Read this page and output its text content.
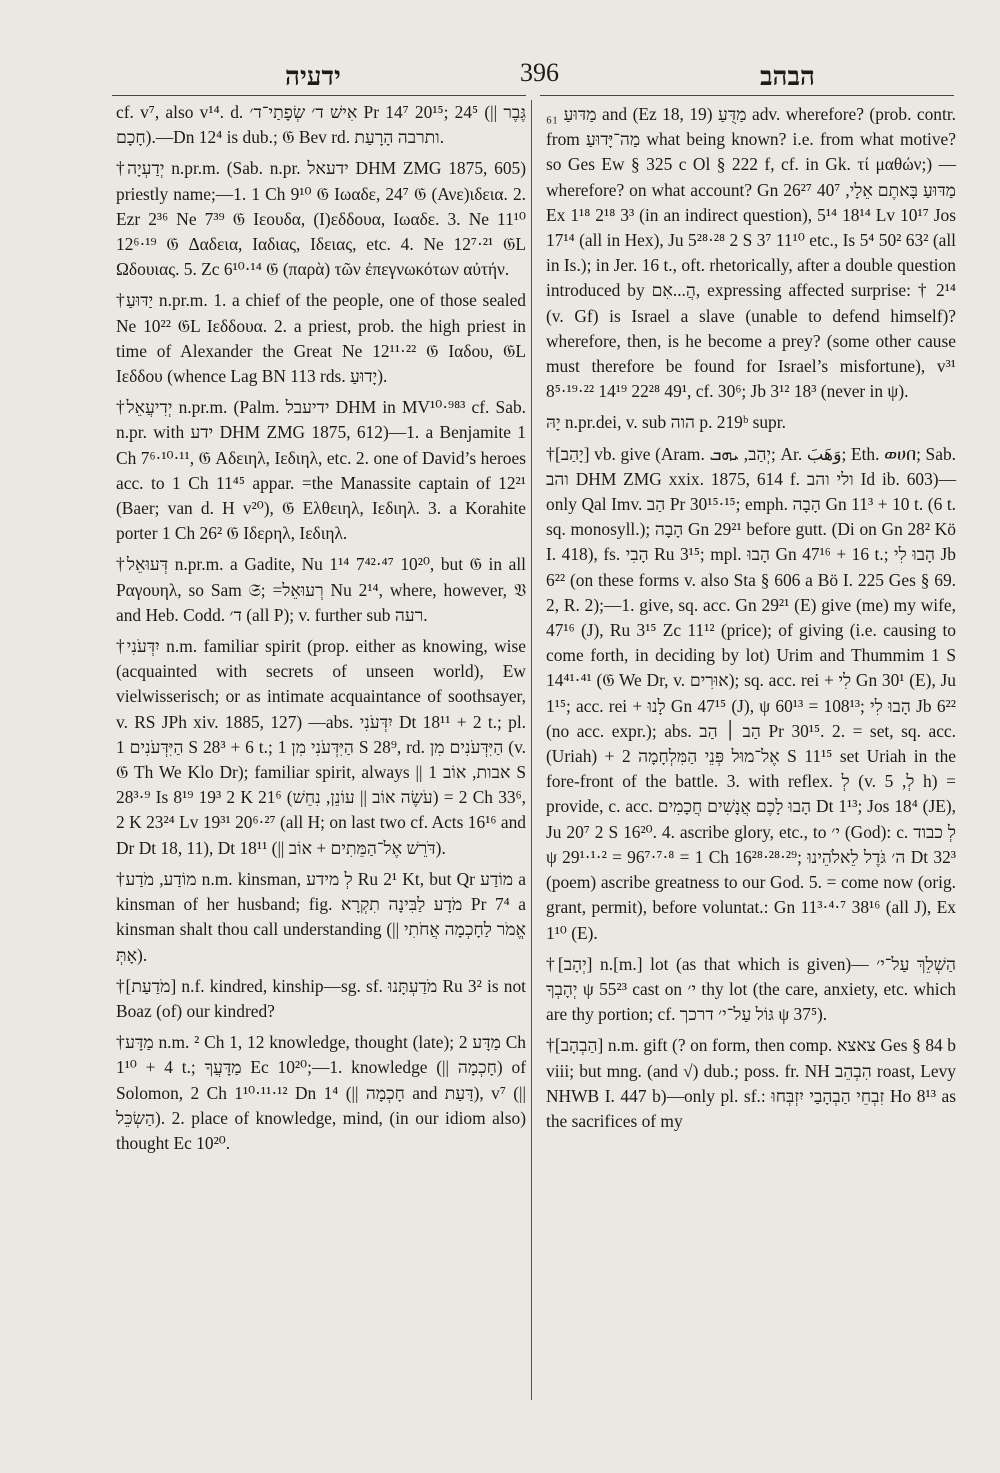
ידעיה	396	הבהב

cf. v⁷, also v¹⁴. d. אִישׁ ד׳ שְׂפָתַי־ד׳ Pr 14⁷ 20¹⁵; 24⁵ (|| גֶּבֶר חָכָם).—Dn 12⁴ is dub.; 𝔊 Bev rd. ותרבה הָרָעַת.

†יְדַעְיָה n.pr.m. (Sab. n.pr. ידעאל DHM ZMG 1875, 605) priestly name;—1. 1 Ch 9¹⁰ 𝔊 Ιωαδε, 24⁷ 𝔊 (Ανε)ιδεια. 2. Ezr 2³⁶ Ne 7³⁹ 𝔊 Ιεουδα, (Ι)εδδουα, Ιωαδε. 3. Ne 11¹⁰ 12⁶·¹⁹ 𝔊 Δαδεια, Ιαδιας, Ιδειας, etc. 4. Ne 12⁷·²¹ 𝔊L Ωδουιας. 5. Zc 6¹⁰·¹⁴ 𝔊 (παρὰ) τῶν ἐπεγνωκότων αὐτήν.

†יַדּוּעַ n.pr.m. 1. a chief of the people, one of those sealed Ne 10²² 𝔊L Ιεδδουα. 2. a priest, prob. the high priest in time of Alexander the Great Ne 12¹¹·²² 𝔊 Ιαδου, 𝔊L Ιεδδου (whence Lag BN 113 rds. יָדוּעַ).

†יְדִיעֲאֵל n.pr.m. (Palm. ידיעבל DHM in MV¹⁰·⁹⁸³ cf. Sab. n.pr. with ידע DHM ZMG 1875, 612)—1. a Benjamite 1 Ch 7⁶·¹⁰·¹¹, 𝔊 Αδειηλ, Ιεδιηλ, etc. 2. one of David’s heroes acc. to 1 Ch 11⁴⁵ appar. =the Manassite captain of 12²¹ (Baer; van d. H v²⁰), 𝔊 Ελθειηλ, Ιεδιηλ. 3. a Korahite porter 1 Ch 26² 𝔊 Ιδερηλ, Ιεδιηλ.

†דְּעוּאֵל n.pr.m. a Gadite, Nu 1¹⁴ 7⁴²·⁴⁷ 10²⁰, but 𝔊 in all Ραγουηλ, so Sam 𝔖; =רְעוּאֵל Nu 2¹⁴, where, however, 𝔙 and Heb. Codd. ד׳ (all P); v. further sub רעה.

†יִדְּעֹנִי n.m. familiar spirit (prop. either as knowing, wise (acquainted with secrets of unseen world), Ew vielwisserisch; or as intimate acquaintance of soothsayer, v. RS JPh xiv. 1885, 127) —abs. יִדְּעֹנִי Dt 18¹¹ + 2 t.; pl. הַיִּדְּעֹנִים 1 S 28³ + 6 t.; הַיִּדְּעֹנִי מִן 1 S 28⁹, rd. הַיִּדְּעֹנִים מִן (v. 𝔊 Th We Klo Dr); familiar spirit, always || אבות, אוֹב 1 S 28³·⁹ Is 8¹⁹ 19³ 2 K 21⁶ (עֹשֶׂה אוֹב || עוֹנֵן, נִחֵשׁ) = 2 Ch 33⁶, 2 K 23²⁴ Lv 19³¹ 20⁶·²⁷ (all H; on last two cf. Acts 16¹⁶ and Dr Dt 18, 11), Dt 18¹¹ (|| דֹּרֵשׁ אֶל־הַמֵּתִים + אוֹב).

†מוֹדַע, מֹדַע n.m. kinsman, לְ מידע Ru 2¹ Kt, but Qr מוֹדַע a kinsman of her husband; fig. מֹדָע לַבִּינָה תִקְרָא Pr 7⁴ a kinsman shalt thou call understanding (|| אֱמֹר לַחָכְמָה אֲחֹתִי אָתְּ).

†[מֹדַעַת] n.f. kindred, kinship—sg. sf. מֹדַעְתָּנוּ Ru 3² is not Boaz (of) our kindred?

†מַדָּע n.m. ² Ch 1, 12 knowledge, thought (late); מַדָּע 2 Ch 1¹⁰ + 4 t.; מַדָּעֲךָ Ec 10²⁰;—1. knowledge (|| חָכְמָה) of Solomon, 2 Ch 1¹⁰·¹¹·¹² Dn 1⁴ (|| חָכְמָה and דַּעַת), v⁷ (|| הַשְׂכֵּל). 2. place of knowledge, mind, (in our idiom also) thought Ec 10²⁰.

מַדּוּעַ ₆₁ and (Ez 18, 19) מַדֻּעַ adv. wherefore? (prob. contr. from מַה־יָּדוּעַ what being known? i.e. from what motive? so Ges Ew § 325 c Ol § 222 f, cf. in Gk. τί μαθών;) —wherefore? on what account? Gn 26²⁷ מַדּוּעַ בָּאתֶם אֵלָי, 40⁷ Ex 1¹⁸ 2¹⁸ 3³ (in an indirect question), 5¹⁴ 18¹⁴ Lv 10¹⁷ Jos 17¹⁴ (all in Hex), Ju 5²⁸·²⁸ 2 S 3⁷ 11¹⁰ etc., Is 5⁴ 50² 63² (all in Is.); in Jer. 16 t., oft. rhetorically, after a double question introduced by הֲ...אִם, expressing affected surprise: † 2¹⁴ (v. Gf) is Israel a slave (unable to defend himself)? wherefore, then, is he become a prey? (some other cause must therefore be found for Israel’s misfortune), v³¹ 8⁵·¹⁹·²² 14¹⁹ 22²⁸ 49¹, cf. 30⁶; Jb 3¹² 18³ (never in ψ).

יָהּ n.pr.dei, v. sub הוה p. 219ᵇ supr.

†[יָהַב] vb. give (Aram. יְהַב, ܝܗܒ; Ar. وَهَبَ; Eth. ወሀበ; Sab. והב DHM ZMG xxix. 1875, 614 f. ולי והב Id ib. 603)—only Qal Imv. הַב Pr 30¹⁵·¹⁵; emph. הָבָה Gn 11³ + 10 t. (6 t. sq. monosyll.); הָבָה Gn 29²¹ before gutt. (Di on Gn 28² Kö I. 418), fs. הָבִי Ru 3¹⁵; mpl. הָבוּ Gn 47¹⁶ + 16 t.; הָבוּ לִי Jb 6²² (on these forms v. also Sta § 606 a Bö I. 225 Ges § 69. 2, R. 2);—1. give, sq. acc. Gn 29²¹ (E) give (me) my wife, 47¹⁶ (J), Ru 3¹⁵ Zc 11¹² (price); of giving (i.e. causing to come forth, in deciding by lot) Urim and Thummim 1 S 14⁴¹·⁴¹ (𝔊 We Dr, v. אוּרִים); sq. acc. rei + לִי Gn 30¹ (E), Ju 1¹⁵; acc. rei + לָנוּ Gn 47¹⁵ (J), ψ 60¹³ = 108¹³; הָבוּ לִי Jb 6²² (no acc. expr.); abs. הַב ׀ הַב Pr 30¹⁵. 2. = set, sq. acc. (Uriah) + אֶל־מוּל פְּנֵי הַמִּלְחָמָה 2 S 11¹⁵ set Uriah in the fore-front of the battle. 3. with reflex. לְ (v. לְ, 5 h) = provide, c. acc. הָבוּ לָכֶם אֲנָשִׁים חֲכָמִים Dt 1¹³; Jos 18⁴ (JE), Ju 20⁷ 2 S 16²⁰. 4. ascribe glory, etc., to י׳ (God): c. לְ כבוד ψ 29¹·¹·² = 96⁷·⁷·⁸ = 1 Ch 16²⁸·²⁸·²⁹; ה׳ גֹּדֶל לֵאלֹהֵינוּ Dt 32³ (poem) ascribe greatness to our God. 5. = come now (orig. grant, permit), before voluntat.: Gn 11³·⁴·⁷ 38¹⁶ (all J), Ex 1¹⁰ (E).

†[יְהָב] n.[m.] lot (as that which is given)— הַשְׁלֵךְ עַל־י׳ יְהָבְךָ ψ 55²³ cast on י׳ thy lot (the care, anxiety, etc. which are thy portion; cf. גּוֹל עַל־י׳ דרכך ψ 37⁵).

†[הַבְהָב] n.m. gift (? on form, then comp. צאצא Ges § 84 b viii; but mng. (and √) dub.; poss. fr. NH הִבְהֵב roast, Levy NHWB I. 447 b)—only pl. sf.: זִבְחֵי הַבְהָבַי יִזְבְּחוּ Ho 8¹³ as the sacrifices of my
